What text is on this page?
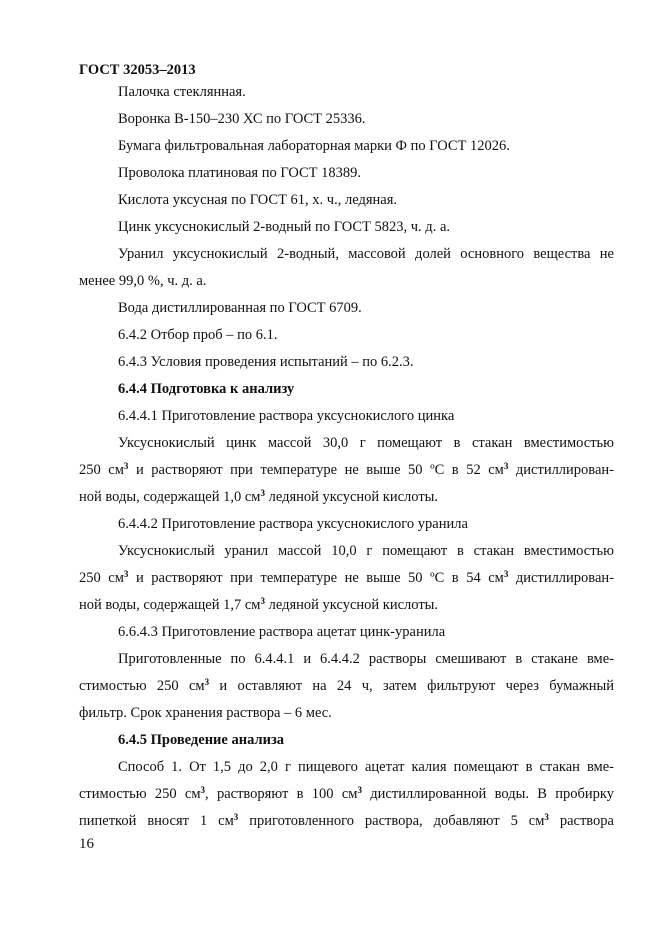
ГОСТ 32053–2013
Палочка стеклянная.
Воронка В-150–230 ХС по ГОСТ 25336.
Бумага фильтровальная лабораторная марки Ф по ГОСТ 12026.
Проволока платиновая по ГОСТ 18389.
Кислота уксусная по ГОСТ 61, х. ч., ледяная.
Цинк уксуснокислый 2-водный по ГОСТ 5823, ч. д. а.
Уранил уксуснокислый 2-водный, массовой долей основного вещества не
менее 99,0 %, ч. д. а.
Вода дистиллированная по ГОСТ 6709.
6.4.2 Отбор проб – по 6.1.
6.4.3 Условия проведения испытаний – по 6.2.3.
6.4.4 Подготовка к анализу
6.4.4.1 Приготовление раствора уксуснокислого цинка
Уксуснокислый цинк массой 30,0 г помещают в стакан вместимостью
250 $см^3$ и растворяют при температуре не выше 50 ºС в 52 $см^3$ дистиллирован-
ной воды, содержащей 1,0 $см^3$ ледяной уксусной кислоты.
6.4.4.2 Приготовление раствора уксуснокислого уранила
Уксуснокислый уранил массой 10,0 г помещают в стакан вместимостью
250 $см^3$ и растворяют при температуре не выше 50 ºС в 54 $см^3$ дистиллирован-
ной воды, содержащей 1,7 $см^3$ ледяной уксусной кислоты.
6.6.4.3 Приготовление раствора ацетат цинк-уранила
Приготовленные по 6.4.4.1 и 6.4.4.2 растворы смешивают в стакане вме-
стимостью 250 $см^3$ и оставляют на 24 ч, затем фильтруют через бумажный
фильтр. Срок хранения раствора – 6 мес.
6.4.5 Проведение анализа
Способ 1. От 1,5 до 2,0 г пищевого ацетат калия помещают в стакан вме-
стимостью 250 $см^3$, растворяют в 100 $см^3$ дистиллированной воды. В пробирку
пипеткой вносят 1 $см^3$ приготовленного раствора, добавляют 5 $см^3$ раствора
16
